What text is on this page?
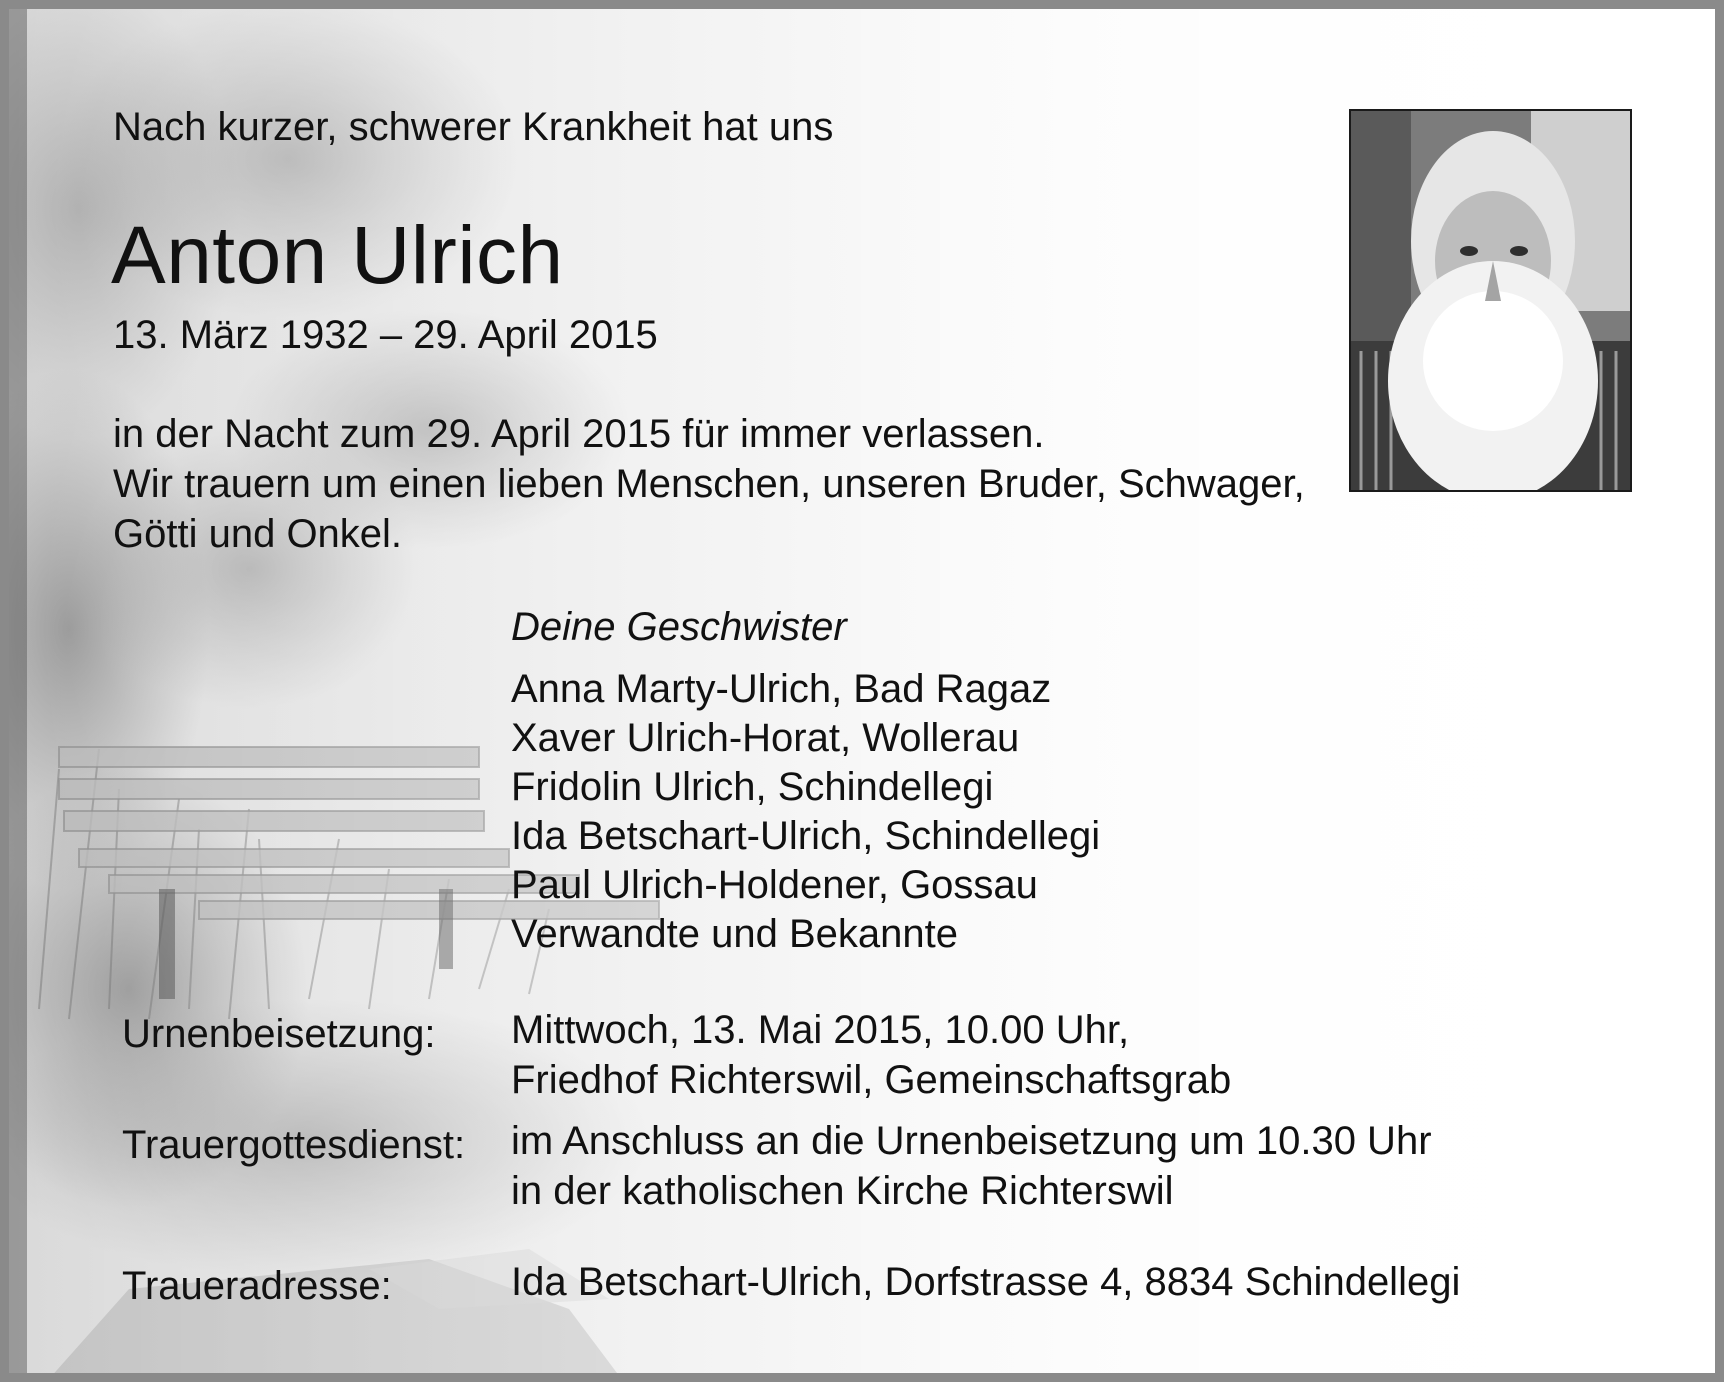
Nach kurzer, schwerer Krankheit hat uns
Anton Ulrich
13. März 1932 – 29. April 2015
in der Nacht zum 29. April 2015 für immer verlassen.
Wir trauern um einen lieben Menschen, unseren Bruder, Schwager,
Götti und Onkel.
Deine Geschwister
Anna Marty-Ulrich, Bad Ragaz
Xaver Ulrich-Horat, Wollerau
Fridolin Ulrich, Schindellegi
Ida Betschart-Ulrich, Schindellegi
Paul Ulrich-Holdener, Gossau
Verwandte und Bekannte
Urnenbeisetzung: Mittwoch, 13. Mai 2015, 10.00 Uhr,
Friedhof Richterswil, Gemeinschaftsgrab
Trauergottesdienst: im Anschluss an die Urnenbeisetzung um 10.30 Uhr
in der katholischen Kirche Richterswil
Traueradresse:	Ida Betschart-Ulrich, Dorfstrasse 4, 8834 Schindellegi
